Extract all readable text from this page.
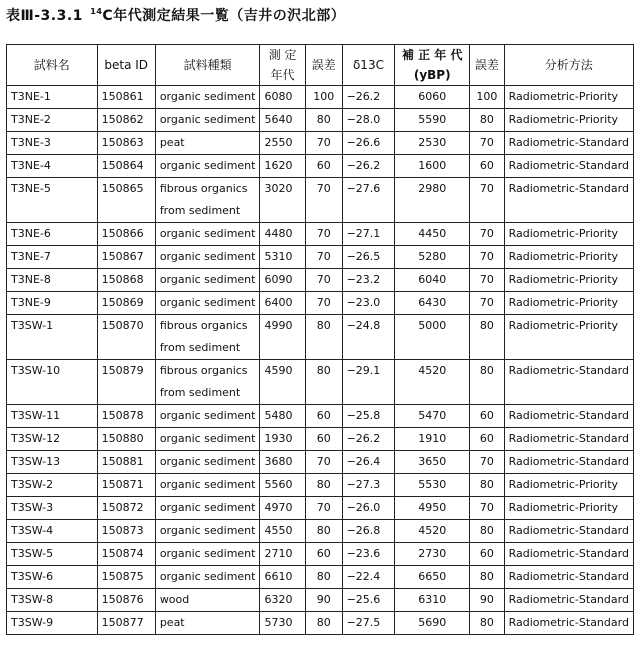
表Ⅲ-3.3.1 $^{14}$C年代測定結果一覧（吉井の沢北部）
試料名	beta ID	試料種類	測 定 年代	誤差	δ13C	補 正 年 代(yBP)	誤差	分析方法
T3NE-1	150861	organic sediment	6080	100	−26.2	6060	100	Radiometric-Priority
T3NE-2	150862	organic sediment	5640	80	−28.0	5590	80	Radiometric-Priority
T3NE-3	150863	peat	2550	70	−26.6	2530	70	Radiometric-Standard
T3NE-4	150864	organic sediment	1620	60	−26.2	1600	60	Radiometric-Standard
T3NE-5	150865	fibrous organics
from sediment	3020	70	−27.6	2980	70	Radiometric-Standard
T3NE-6	150866	organic sediment	4480	70	−27.1	4450	70	Radiometric-Priority
T3NE-7	150867	organic sediment	5310	70	−26.5	5280	70	Radiometric-Priority
T3NE-8	150868	organic sediment	6090	70	−23.2	6040	70	Radiometric-Priority
T3NE-9	150869	organic sediment	6400	70	−23.0	6430	70	Radiometric-Priority
T3SW-1	150870	fibrous organics
from sediment	4990	80	−24.8	5000	80	Radiometric-Priority
T3SW-10	150879	fibrous organics
from sediment	4590	80	−29.1	4520	80	Radiometric-Standard
T3SW-11	150878	organic sediment	5480	60	−25.8	5470	60	Radiometric-Standard
T3SW-12	150880	organic sediment	1930	60	−26.2	1910	60	Radiometric-Standard
T3SW-13	150881	organic sediment	3680	70	−26.4	3650	70	Radiometric-Standard
T3SW-2	150871	organic sediment	5560	80	−27.3	5530	80	Radiometric-Priority
T3SW-3	150872	organic sediment	4970	70	−26.0	4950	70	Radiometric-Priority
T3SW-4	150873	organic sediment	4550	80	−26.8	4520	80	Radiometric-Standard
T3SW-5	150874	organic sediment	2710	60	−23.6	2730	60	Radiometric-Standard
T3SW-6	150875	organic sediment	6610	80	−22.4	6650	80	Radiometric-Standard
T3SW-8	150876	wood	6320	90	−25.6	6310	90	Radiometric-Standard
T3SW-9	150877	peat	5730	80	−27.5	5690	80	Radiometric-Standard
